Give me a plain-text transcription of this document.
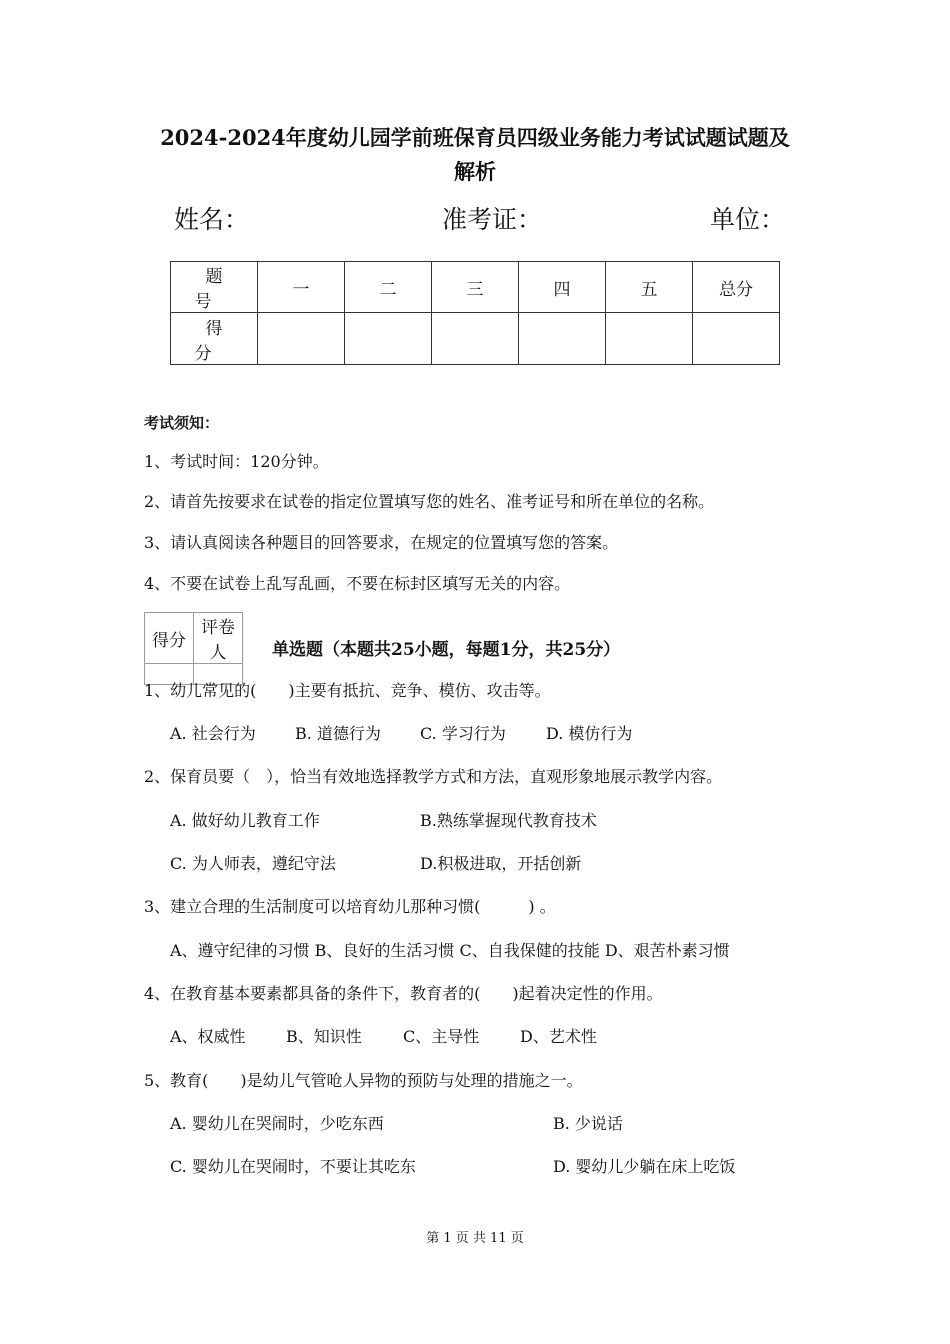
2024-2024年度幼儿园学前班保育员四级业务能力考试试题试题及
解析
姓名：	准考证：	单位：
题号	一	二	三	四	五	总分
得分						

考试须知：

1、考试时间：120分钟。

2、请首先按要求在试卷的指定位置填写您的姓名、准考证号和所在单位的名称。

3、请认真阅读各种题目的回答要求，在规定的位置填写您的答案。

4、不要在试卷上乱写乱画，不要在标封区填写无关的内容。

得分	评卷人
		单选题（本题共25小题，每题1分，共25分）

1、幼儿常见的(　　)主要有抵抗、竞争、模仿、攻击等。

A. 社会行为 B. 道德行为 C. 学习行为	D. 模仿行为

2、保育员要（　），恰当有效地选择教学方式和方法，直观形象地展示教学内容。

A. 做好幼儿教育工作	B.熟练掌握现代教育技术

C. 为人师表，遵纪守法	D.积极进取，开括创新

3、建立合理的生活制度可以培育幼儿那种习惯(　　　) 。

A、遵守纪律的习惯 B、良好的生活习惯 C、自我保健的技能 D、艰苦朴素习惯

4、在教育基本要素都具备的条件下，教育者的(　　)起着决定性的作用。

A、权威性	B、知识性	C、主导性	D、艺术性

5、教育(　　)是幼儿气管呛人异物的预防与处理的措施之一。

A. 婴幼儿在哭闹时，少吃东西	B. 少说话

C. 婴幼儿在哭闹时，不要让其吃东	D. 婴幼儿少躺在床上吃饭

第 1 页 共 11 页
